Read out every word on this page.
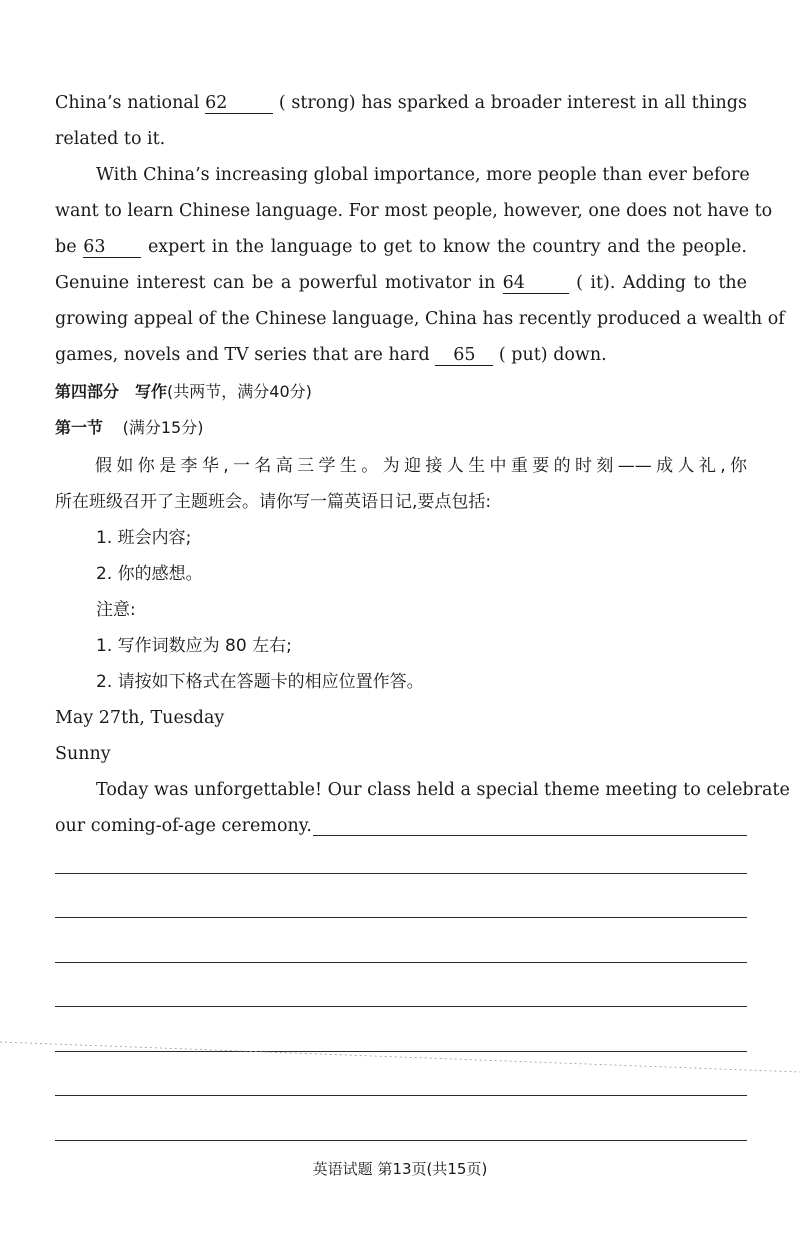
China’s national 62	( strong) has sparked a broader interest in all things
related to it.
With China’s increasing global importance, more people than ever before
want to learn Chinese language. For most people, however, one does not have to
be 63 expert in the language to get to know the country and the people.
Genuine interest can be a powerful motivator in 64	( it). Adding to the
growing appeal of the Chinese language, China has recently produced a wealth of
games, novels and TV series that are hard 65 ( put) down.
第四部分　写作(共两节，满分40分)
第一节 (满分15分)
假如你是李华,一名高三学生。为迎接人生中重要的时刻——成人礼,你
所在班级召开了主题班会。请你写一篇英语日记,要点包括:
1. 班会内容;
2. 你的感想。
注意:
1. 写作词数应为 80 左右;
2. 请按如下格式在答题卡的相应位置作答。
May 27th, Tuesday
Sunny
Today was unforgettable! Our class held a special theme meeting to celebrate
our coming-of-age ceremony.
英语试题 第13页(共15页)
